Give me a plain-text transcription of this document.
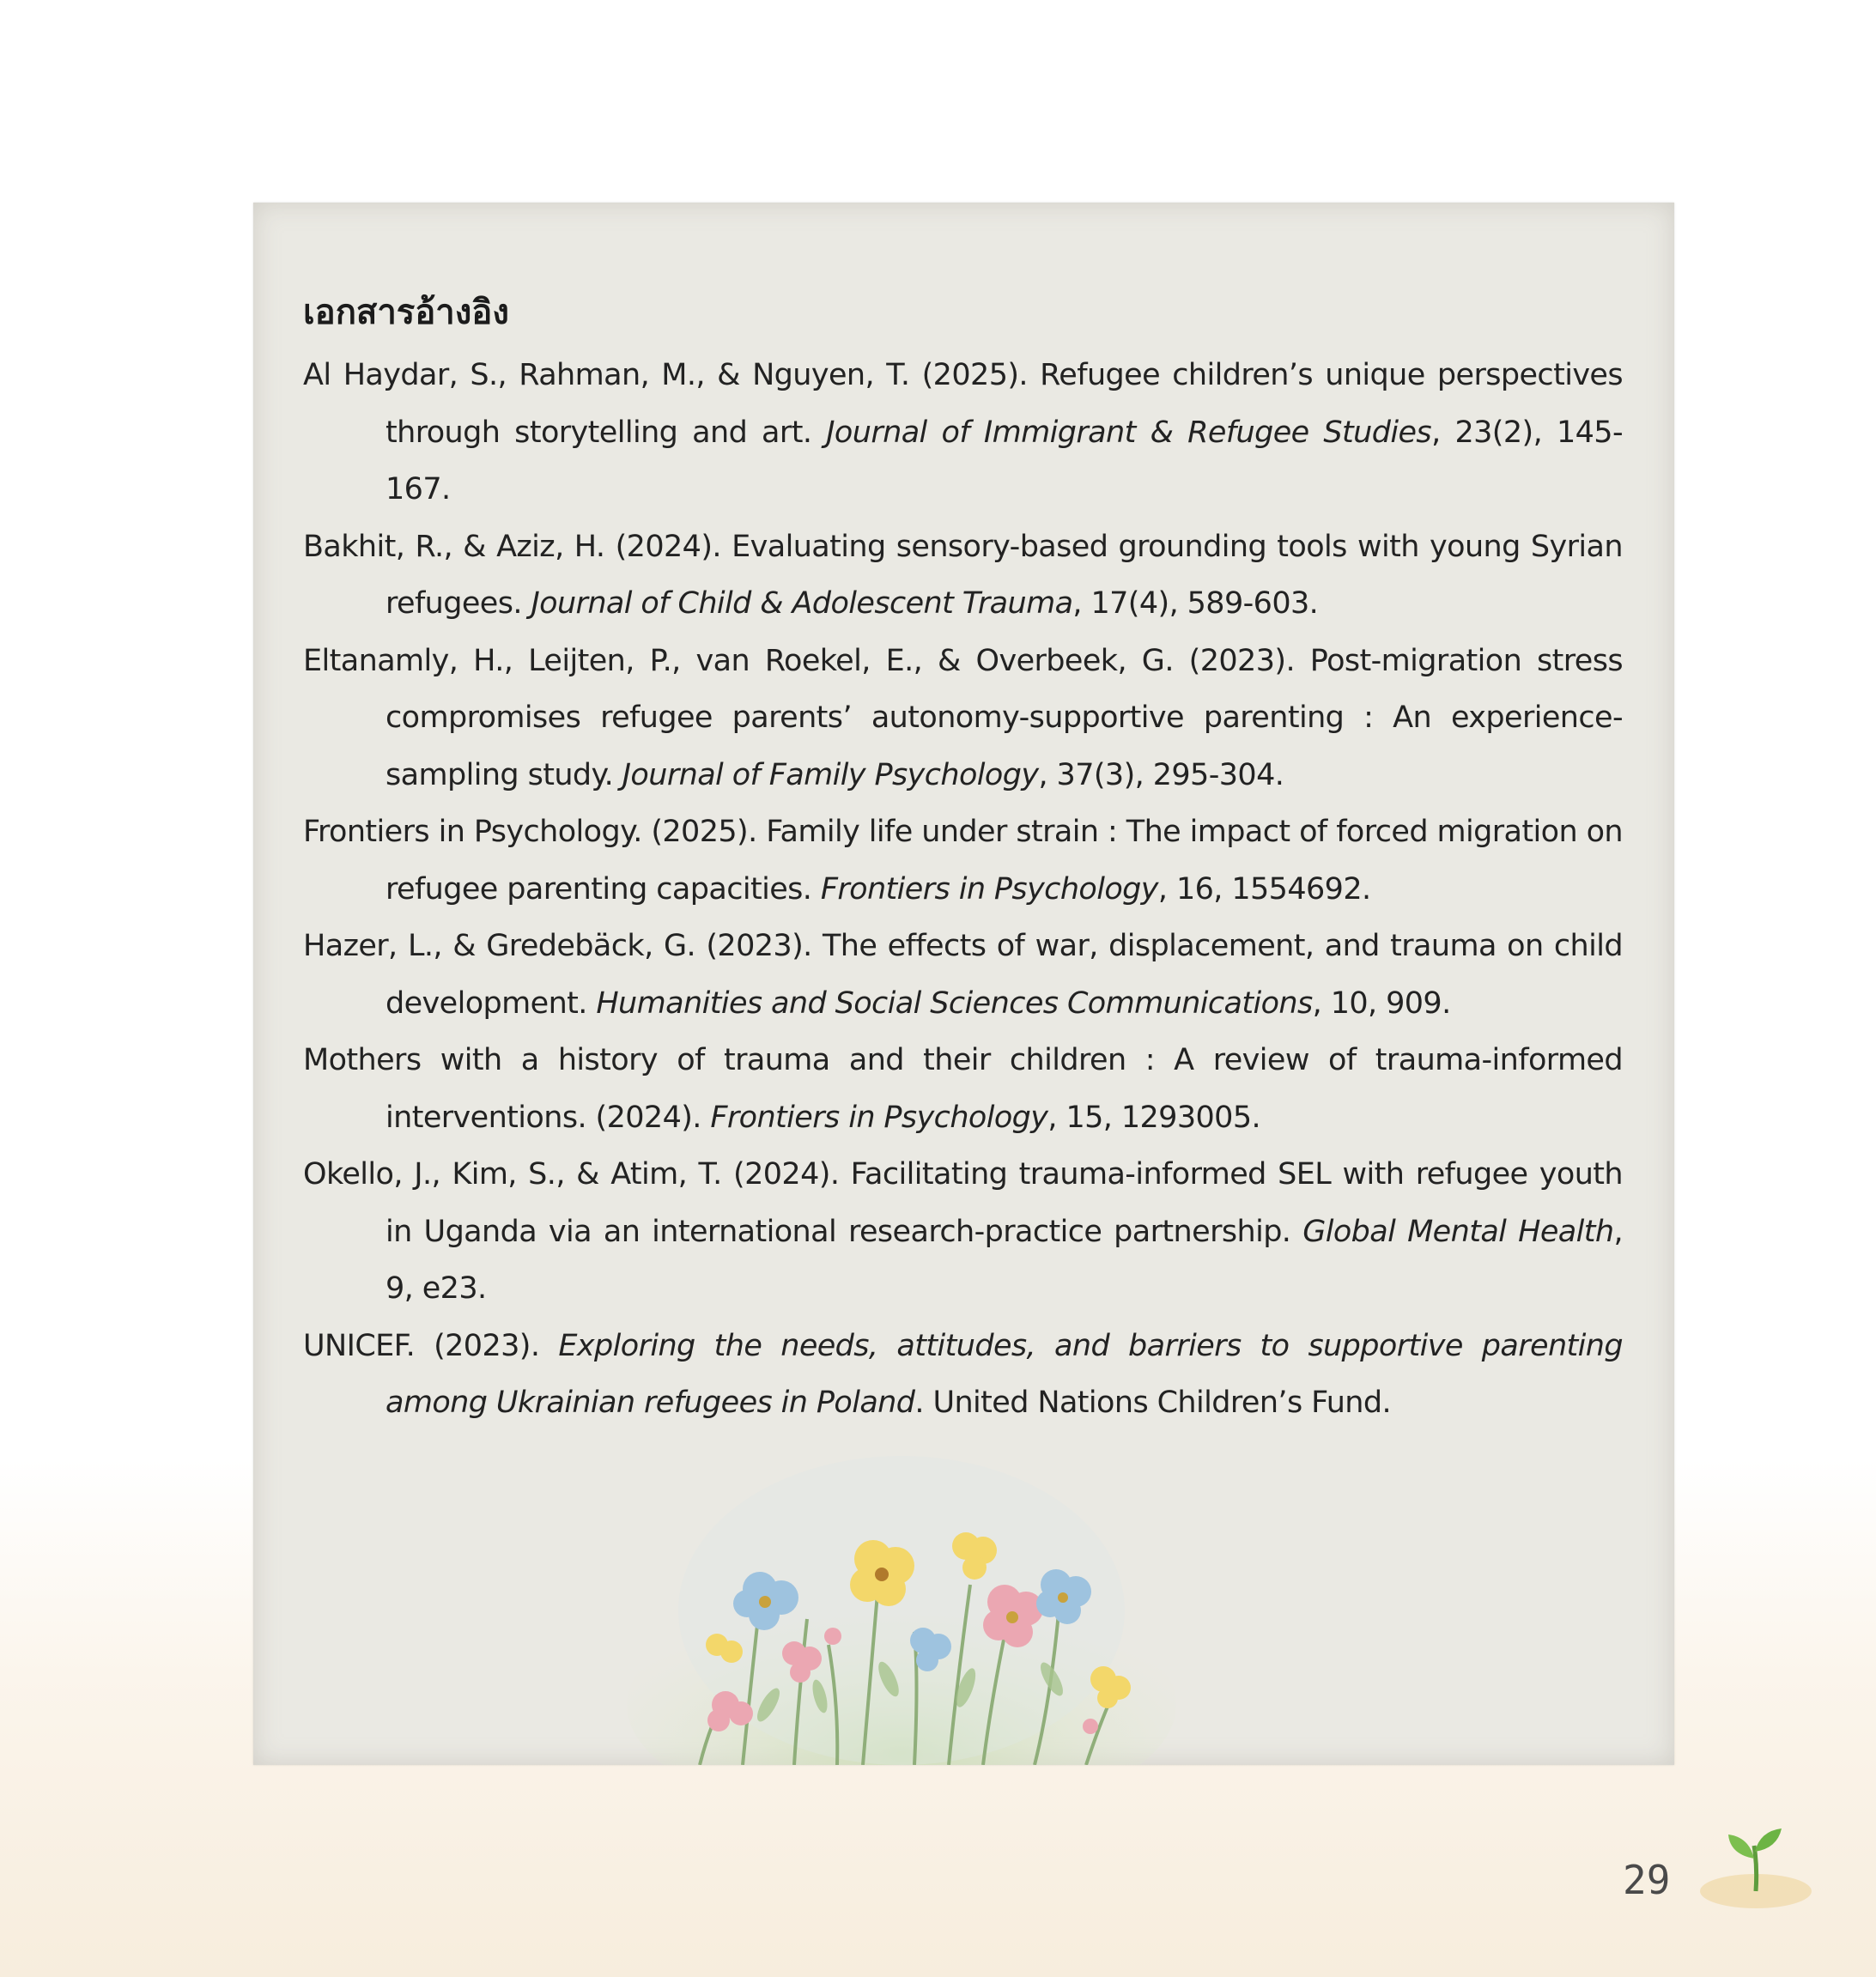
เอกสารอ้างอิง
Al Haydar, S., Rahman, M., & Nguyen, T. (2025). Refugee children’s unique perspectives through storytelling and art. Journal of Immigrant & Refugee Studies, 23(2), 145-167.
Bakhit, R., & Aziz, H. (2024). Evaluating sensory-based grounding tools with young Syrian refugees. Journal of Child & Adolescent Trauma, 17(4), 589-603.
Eltanamly, H., Leijten, P., van Roekel, E., & Overbeek, G. (2023). Post-migration stress compromises refugee parents’ autonomy-supportive parenting : An experience-sampling study. Journal of Family Psychology, 37(3), 295-304.
Frontiers in Psychology. (2025). Family life under strain : The impact of forced migration on refugee parenting capacities. Frontiers in Psychology, 16, 1554692.
Hazer, L., & Gredebäck, G. (2023). The effects of war, displacement, and trauma on child development. Humanities and Social Sciences Communications, 10, 909.
Mothers with a history of trauma and their children : A review of trauma-informed interventions. (2024). Frontiers in Psychology, 15, 1293005.
Okello, J., Kim, S., & Atim, T. (2024). Facilitating trauma-informed SEL with refugee youth in Uganda via an international research-practice partnership. Global Mental Health, 9, e23.
UNICEF. (2023). Exploring the needs, attitudes, and barriers to supportive parenting among Ukrainian refugees in Poland. United Nations Children’s Fund.
29
